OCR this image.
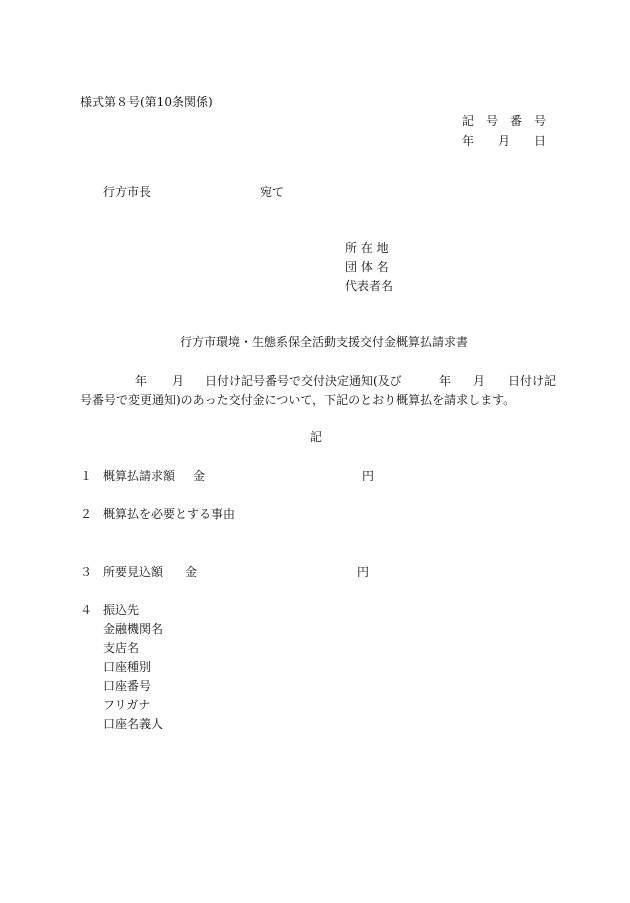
様式第８号(第10条関係)
記　号　番　号
年　　月　　日
行方市長	宛て
所 在 地
団 体 名
代表者名
行方市環境・生態系保全活動支援交付金概算払請求書
年 月 日付け記号番号で交付決定通知(及び	年 月 日付け記
号番号で変更通知)のあった交付金について，下記のとおり概算払を請求します。
記
１ 概算払請求額 金	円
２ 概算払を必要とする事由
３ 所要見込額 金	円
４ 振込先
金融機関名
支店名
口座種別
口座番号
フリガナ
口座名義人
